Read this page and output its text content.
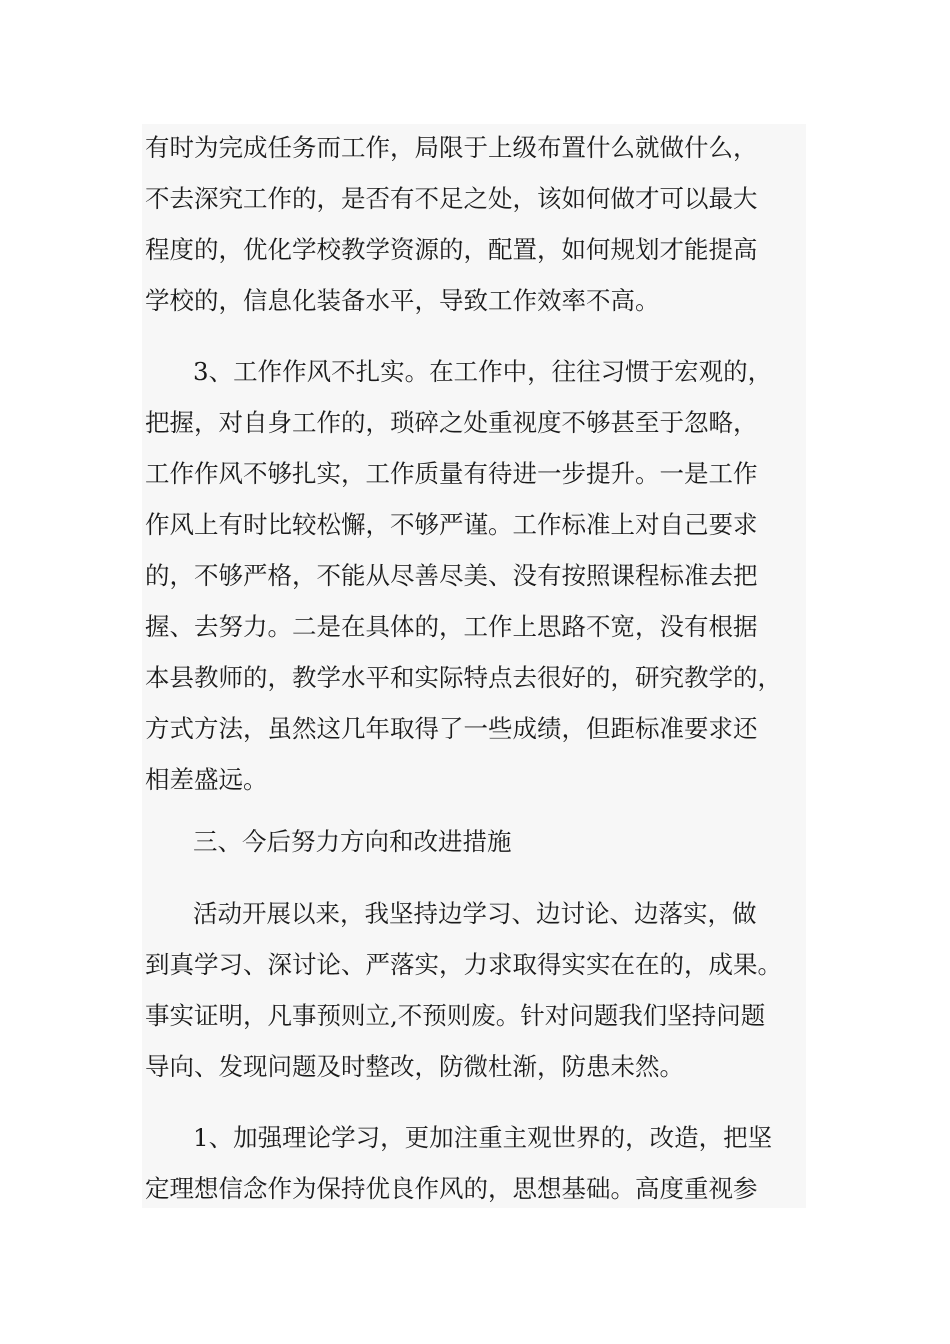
有时为完成任务而工作，局限于上级布置什么就做什么，
不去深究工作的，是否有不足之处，该如何做才可以最大
程度的，优化学校教学资源的，配置，如何规划才能提高
学校的，信息化装备水平，导致工作效率不高。
3、工作作风不扎实。在工作中，往往习惯于宏观的，
把握，对自身工作的，琐碎之处重视度不够甚至于忽略，
工作作风不够扎实，工作质量有待进一步提升。一是工作
作风上有时比较松懈，不够严谨。工作标准上对自己要求
的，不够严格，不能从尽善尽美、没有按照课程标准去把
握、去努力。二是在具体的，工作上思路不宽，没有根据
本县教师的，教学水平和实际特点去很好的，研究教学的，
方式方法，虽然这几年取得了一些成绩，但距标准要求还
相差盛远。
三、今后努力方向和改进措施
活动开展以来，我坚持边学习、边讨论、边落实，做
到真学习、深讨论、严落实，力求取得实实在在的，成果。
事实证明，凡事预则立,不预则废。针对问题我们坚持问题
导向、发现问题及时整改，防微杜渐，防患未然。
1、加强理论学习，更加注重主观世界的，改造，把坚
定理想信念作为保持优良作风的，思想基础。高度重视参
